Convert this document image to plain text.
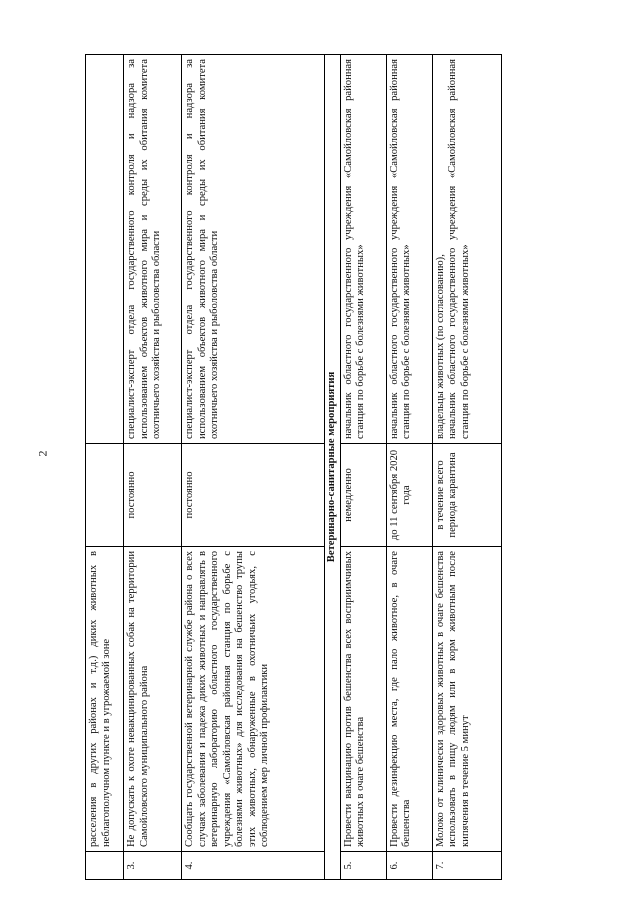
2
	расселения в других районах и т.д.) диких животных в неблагополучном пункте и в угрожаемой зоне		
3.	Не допускать к охоте невакцинированных собак на территории Самойловского муниципального района	постоянно	специалист-эксперт отдела государственного контроля и надзора за использованием объектов животного мира и среды их обитания комитета охотничьего хозяйства и рыболовства области
4.	Сообщать государственной ветеринарной службе района о всех случаях заболевания и падежа диких животных и направлять в ветеринарную лабораторию областного государственного учреждения «Самойловская районная станция по борьбе с болезнями животных» для исследования на бешенство трупы этих животных, обнаруженные в охотничьих угодьях, с соблюдением мер личной профилактики	постоянно	специалист-эксперт отдела государственного контроля и надзора за использованием объектов животного мира и среды их обитания комитета охотничьего хозяйства и рыболовства области
Ветеринарно-санитарные мероприятия			
5.	Провести вакцинацию против бешенства всех восприимчивых животных в очаге бешенства	немедленно	начальник областного государственного учреждения «Самойловская районная станция по борьбе с болезнями животных»
6.	Провести дезинфекцию места, где пало животное, в очаге бешенства	до 11 сентября 2020 года	начальник областного государственного учреждения «Самойловская районная станция по борьбе с болезнями животных»
7.	Молоко от клинически здоровых животных в очаге бешенства использовать в пищу людям или в корм животным после кипячения в течение 5 минут	в течение всего периода карантина	владельцы животных (по согласованию), начальник областного государственного учреждения «Самойловская районная станция по борьбе с болезнями животных»
